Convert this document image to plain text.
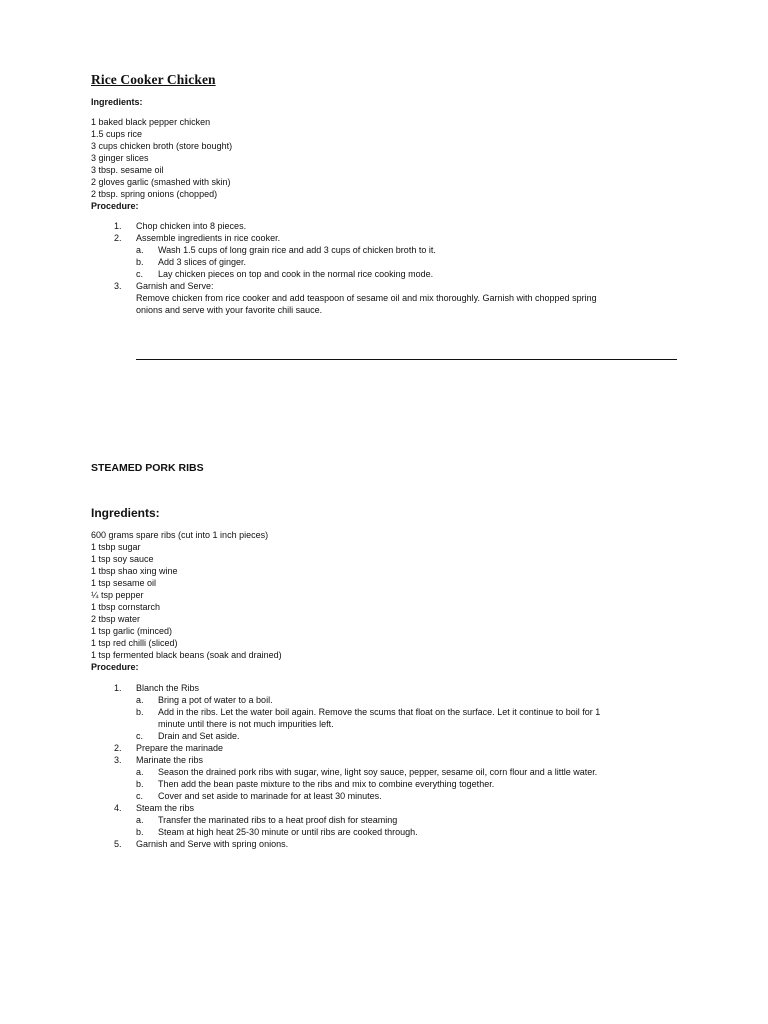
Rice Cooker Chicken
Ingredients:
1 baked black pepper chicken
1.5 cups rice
3 cups chicken broth (store bought)
3 ginger slices
3 tbsp. sesame oil
2 gloves garlic (smashed with skin)
2 tbsp. spring onions (chopped)
Procedure:
1. Chop chicken into 8 pieces.
2. Assemble ingredients in rice cooker.
a. Wash 1.5 cups of long grain rice and add 3 cups of chicken broth to it.
b. Add 3 slices of ginger.
c. Lay chicken pieces on top and cook in the normal rice cooking mode.
3. Garnish and Serve:
Remove chicken from rice cooker and add teaspoon of sesame oil and mix thoroughly. Garnish with chopped spring
onions and serve with your favorite chili sauce.
STEAMED PORK RIBS
Ingredients:
600 grams spare ribs (cut into 1 inch pieces)
1 tsbp sugar
1 tsp soy sauce
1 tbsp shao xing wine
1 tsp sesame oil
¼ tsp pepper
1 tbsp cornstarch
2 tbsp water
1 tsp garlic (minced)
1 tsp red chilli (sliced)
1 tsp fermented black beans (soak and drained)
Procedure:
1. Blanch the Ribs
a. Bring a pot of water to a boil.
b. Add in the ribs. Let the water boil again. Remove the scums that float on the surface. Let it continue to boil for 1
minute until there is not much impurities left.
c. Drain and Set aside.
2. Prepare the marinade
3. Marinate the ribs
a. Season the drained pork ribs with sugar, wine, light soy sauce, pepper, sesame oil, corn flour and a little water.
b. Then add the bean paste mixture to the ribs and mix to combine everything together.
c. Cover and set aside to marinade for at least 30 minutes.
4. Steam the ribs
a. Transfer the marinated ribs to a heat proof dish for steaming
b. Steam at high heat 25-30 minute or until ribs are cooked through.
5. Garnish and Serve with spring onions.
